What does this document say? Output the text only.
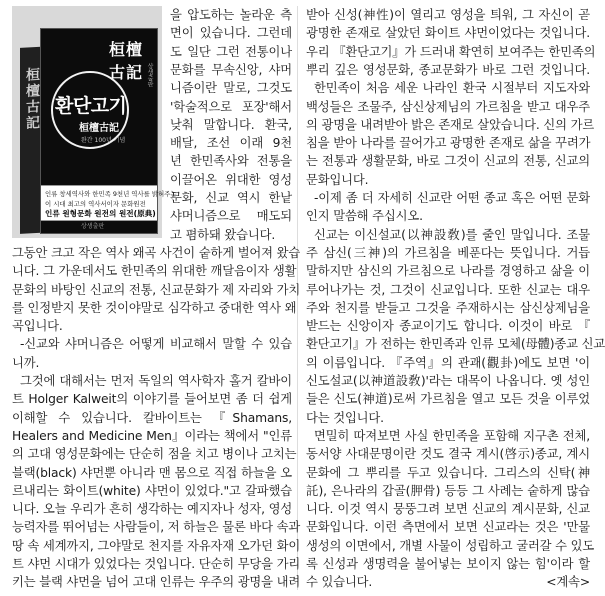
桓檀古記
桓檀古記 상생출판
환단고기
桓檀古記
완간 100년 기념
인류 창세역사와 한민족 9천년 역사를 밝혀주는
이 시대 최고의 역사서이자 문화원전
인류 원형문화 원전의 원전(原典)
상생출판
을 압도하는 놀라운 측
면이 있습니다. 그런데
도 일단 그런 전통이나
문화를 무속신앙, 샤머
니즘이란 말로, 그것도
'학술적으로 포장'해서
낮춰 말합니다. 환국,
배달, 조선 이래 9천
년 한민족사와 전통을
이끌어온 위대한 영성
문화, 신교 역시 한낱
샤머니즘으로 매도되
고 폄하돼 왔습니다.
그동안 크고 작은 역사 왜곡 사건이 숱하게 벌어져 왔습
니다. 그 가운데서도 한민족의 위대한 깨달음이자 생활
문화의 바탕인 신교의 전통, 신교문화가 제 자리와 가치
를 인정받지 못한 것이야말로 심각하고 중대한 역사 왜
곡입니다.
-신교와 샤머니즘은 어떻게 비교해서 말할 수 있습
니까.
그것에 대해서는 먼저 독일의 역사학자 홀거 칼바이
트 Holger Kalweit의 이야기를 들어보면 좀 더 쉽게
이해할 수 있습니다. 칼바이트는 『Shamans,
Healers and Medicine Men』이라는 책에서 "인류
의 고대 영성문화에는 단순히 점을 치고 병이나 고치는
블랙(black) 샤먼뿐 아니라 맨 몸으로 직접 하늘을 오
르내리는 화이트(white) 샤먼이 있었다."고 갈파했습
니다. 오늘 우리가 흔히 생각하는 예지자나 성자, 영성
능력자를 뛰어넘는 사람들이, 저 하늘은 물론 바다 속과
땅 속 세계까지, 그야말로 천지를 자유자재 오가던 화이
트 샤먼 시대가 있었다는 것입니다. 단순히 무당을 가리
키는 블랙 샤먼을 넘어 고대 인류는 우주의 광명을 내려
받아 신성(神性)이 열리고 영성을 틔워, 그 자신이 곧
광명한 존재로 살았던 화이트 샤먼이었다는 것입니다.
우리 『환단고기』가 드러내 확연히 보여주는 한민족의
뿌리 깊은 영성문화, 종교문화가 바로 그런 것입니다.
한민족이 처음 세운 나라인 환국 시절부터 지도자와
백성들은 조물주, 삼신상제님의 가르침을 받고 대우주
의 광명을 내려받아 밝은 존재로 살았습니다. 신의 가르
침을 받아 나라를 끌어가고 광명한 존재로 삶을 꾸려가
는 전통과 생활문화, 바로 그것이 신교의 전통, 신교의
문화입니다.
-이제 좀 더 자세히 신교란 어떤 종교 혹은 어떤 문화
인지 말씀해 주십시오.
신교는 이신설교(以神設敎)를 줄인 말입니다. 조물
주 삼신(三神)의 가르침을 베푼다는 뜻입니다. 거듭
말하지만 삼신의 가르침으로 나라를 경영하고 삶을 이
루어나가는 것, 그것이 신교입니다. 또한 신교는 대우
주와 천지를 받들고 그것을 주재하시는 삼신상제님을
받드는 신앙이자 종교이기도 합니다. 이것이 바로 『
환단고기』가 전하는 한민족과 인류 모체(母體)종교 신교
의 이름입니다. 『주역』의 관괘(觀卦)에도 보면 '이
신도설교(以神道設敎)'라는 대목이 나옵니다. 옛 성인
들은 신도(神道)로써 가르침을 열고 모든 것을 이루었
다는 것입니다.
면밀히 따져보면 사실 한민족을 포함해 지구촌 전체,
동서양 사대문명이란 것도 결국 계시(啓示)종교, 계시
문화에 그 뿌리를 두고 있습니다. 그리스의 신탁(神
託), 은나라의 갑골(胛骨) 등등 그 사례는 숱하게 많습
니다. 이것 역시 뭉뚱그려 보면 신교의 계시문화, 신교
문화입니다. 이런 측면에서 보면 신교라는 것은 '만물
생성의 이면에서, 개별 사물이 성립하고 굴러갈 수 있도
록 신성과 생명력을 불어넣는 보이지 않는 힘'이라 할
수 있습니다.	<계속>
